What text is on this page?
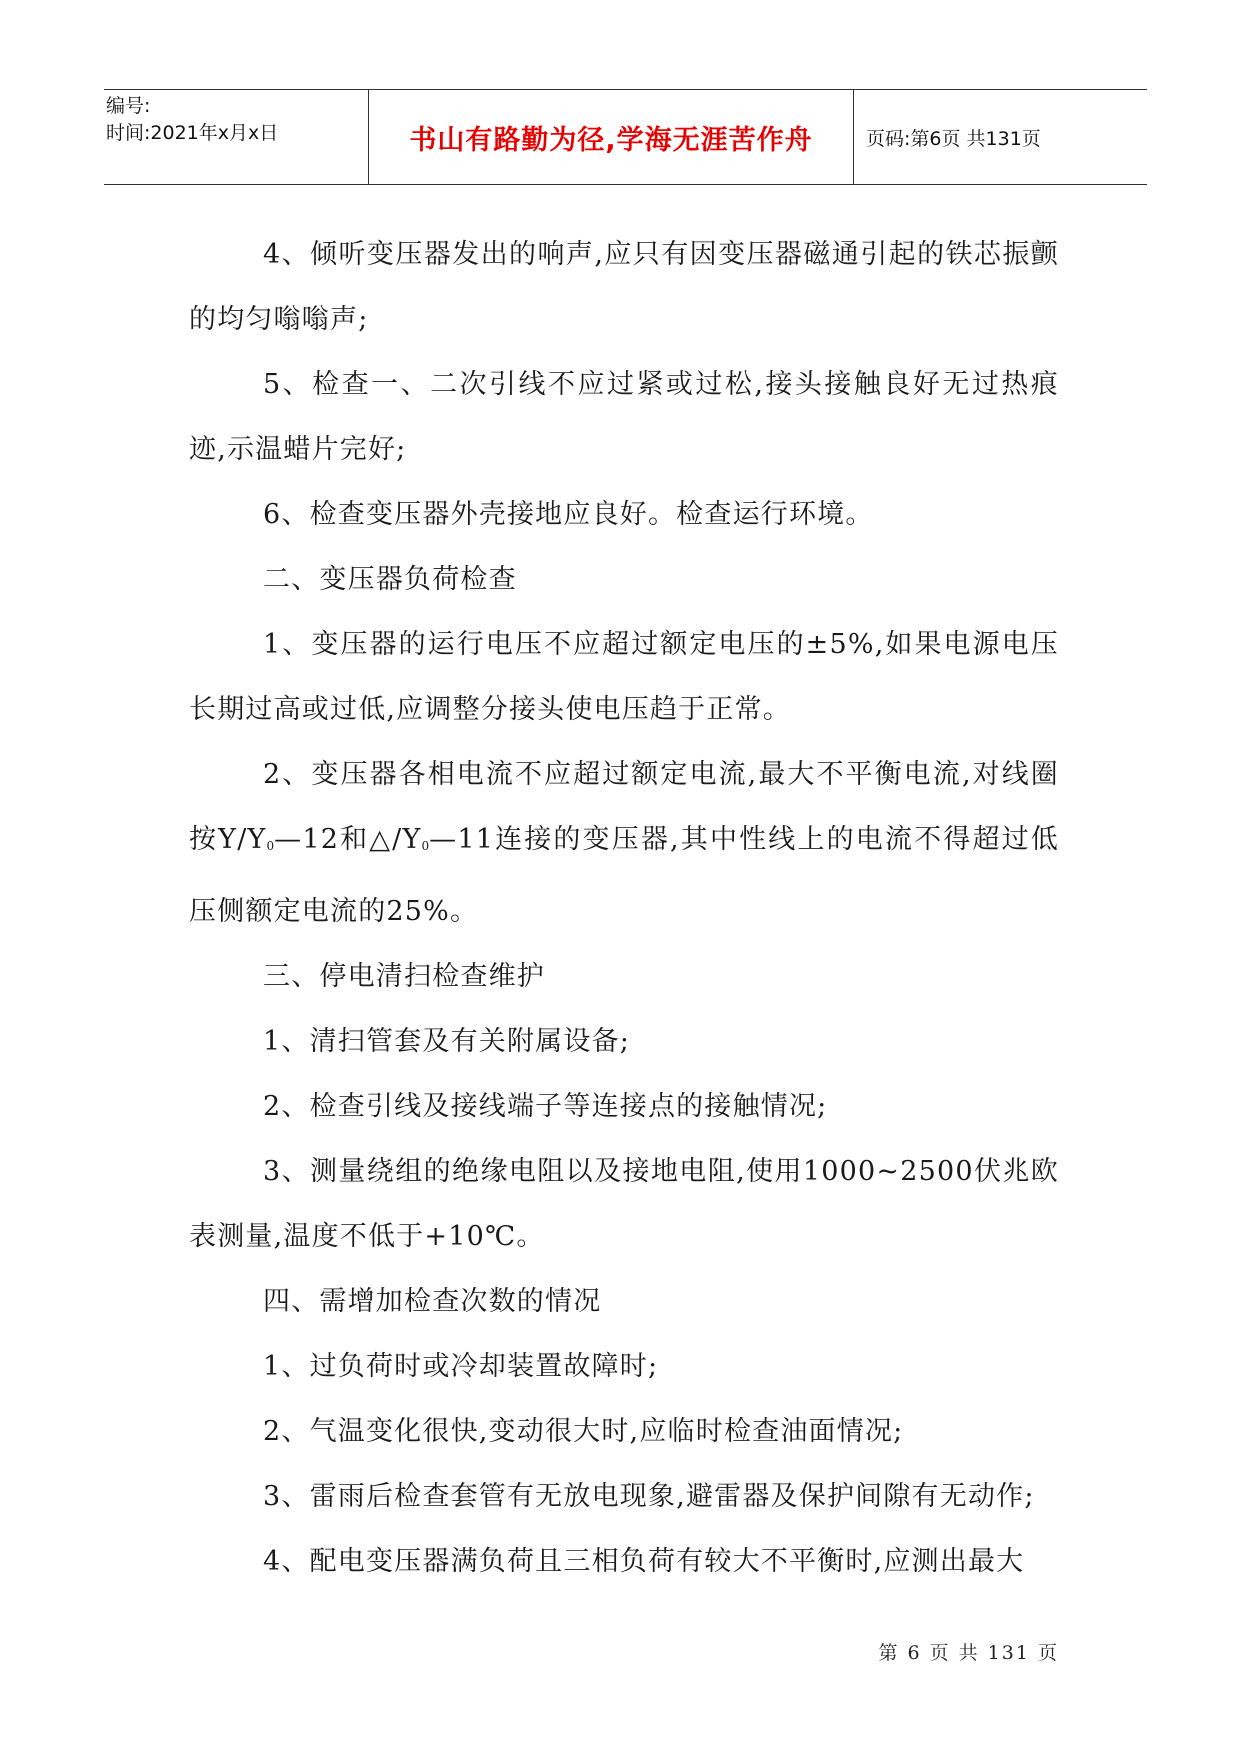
编号:
时间:2021年x月x日	书山有路勤为径,学海无涯苦作舟	页码:第6页 共131页

4、倾听变压器发出的响声,应只有因变压器磁通引起的铁芯振颤的均匀嗡嗡声;

5、检查一、二次引线不应过紧或过松,接头接触良好无过热痕迹,示温蜡片完好;

6、检查变压器外壳接地应良好。检查运行环境。

二、变压器负荷检查

1、变压器的运行电压不应超过额定电压的±5%,如果电源电压长期过高或过低,应调整分接头使电压趋于正常。

2、变压器各相电流不应超过额定电流,最大不平衡电流,对线圈按$Y/Y_0—12$和$\triangle/Y_0—11$连接的变压器,其中性线上的电流不得超过低压侧额定电流的25%。

三、停电清扫检查维护

1、清扫管套及有关附属设备;

2、检查引线及接线端子等连接点的接触情况;

3、测量绕组的绝缘电阻以及接地电阻,使用1000~2500伏兆欧表测量,温度不低于+10℃。

四、需增加检查次数的情况

1、过负荷时或冷却装置故障时;

2、气温变化很快,变动很大时,应临时检查油面情况;

3、雷雨后检查套管有无放电现象,避雷器及保护间隙有无动作;

4、配电变压器满负荷且三相负荷有较大不平衡时,应测出最大

第 6 页 共 131 页
